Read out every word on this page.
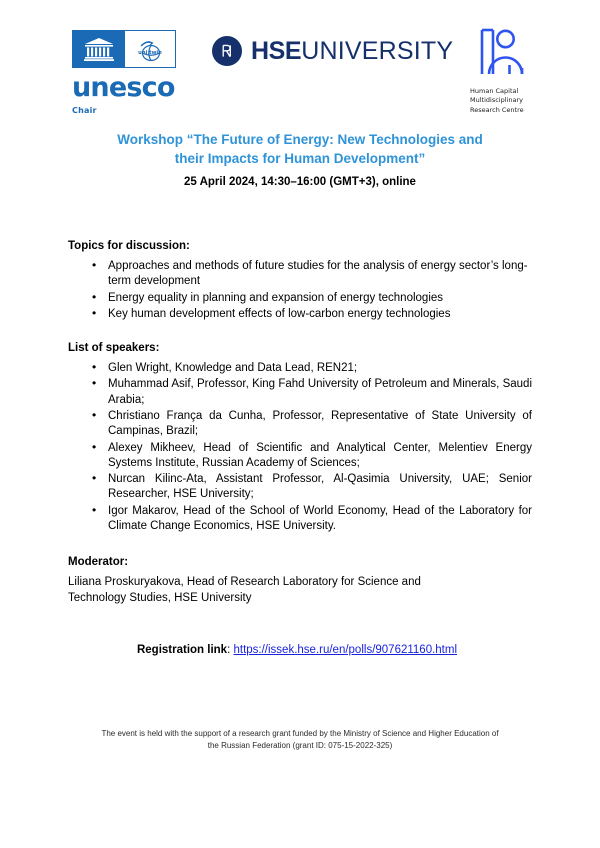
uni twin
unesco
Chair
HSEUNIVERSITY
Human Capital
Multidisciplinary
Research Centre
Workshop “The Future of Energy: New Technologies and
their Impacts for Human Development”
25 April 2024, 14:30–16:00 (GMT+3), online
Topics for discussion:
• Approaches and methods of future studies for the analysis of energy sector’s long-term development
• Energy equality in planning and expansion of energy technologies
• Key human development effects of low-carbon energy technologies
List of speakers:
• Glen Wright, Knowledge and Data Lead, REN21;
• Muhammad Asif, Professor, King Fahd University of Petroleum and Minerals, Saudi Arabia;
• Christiano França da Cunha, Professor, Representative of State University of Campinas, Brazil;
• Alexey Mikheev, Head of Scientific and Analytical Center, Melentiev Energy Systems Institute, Russian Academy of Sciences;
• Nurcan Kilinc-Ata, Assistant Professor, Al-Qasimia University, UAE; Senior Researcher, HSE University;
• Igor Makarov, Head of the School of World Economy, Head of the Laboratory for Climate Change Economics, HSE University.
Moderator:

Liliana Proskuryakova, Head of Research Laboratory for Science and Technology Studies, HSE University

Registration link: https://issek.hse.ru/en/polls/907621160.html
The event is held with the support of a research grant funded by the Ministry of Science and Higher Education of
the Russian Federation (grant ID: 075-15-2022-325)
